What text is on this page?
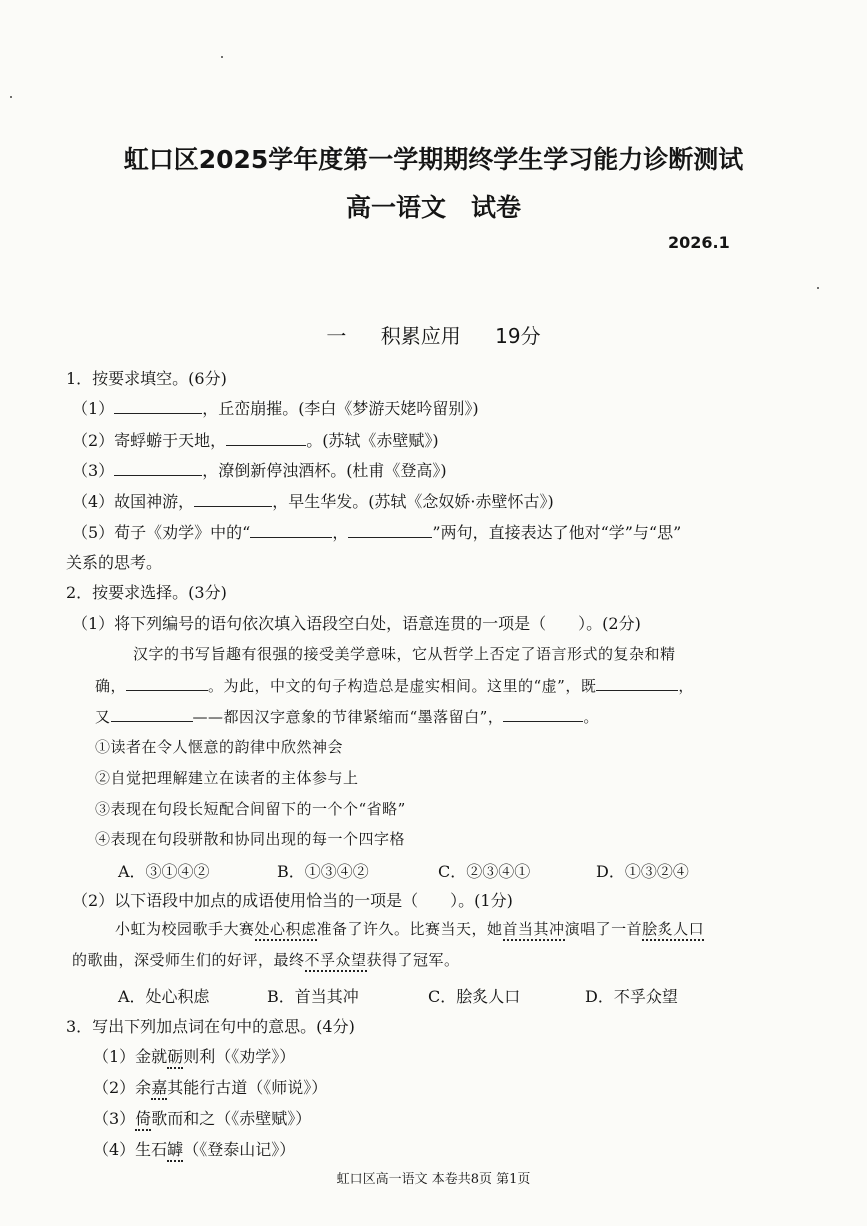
虹口区2025学年度第一学期期终学生学习能力诊断测试
高一语文　试卷
2026.1
一 积累应用 19分
1．按要求填空。(6分)
（1）	，丘峦崩摧。(李白《梦游天姥吟留别》)
（2）寄蜉蝣于天地，	。(苏轼《赤壁赋》)
（3）	，潦倒新停浊酒杯。(杜甫《登高》)
（4）故国神游，	，早生华发。(苏轼《念奴娇·赤壁怀古》)
（5）荀子《劝学》中的“	，	”两句，直接表达了他对“学”与“思”
关系的思考。
2．按要求选择。(3分)
（1）将下列编号的语句依次填入语段空白处，语意连贯的一项是（　　）。(2分)
汉字的书写旨趣有很强的接受美学意味，它从哲学上否定了语言形式的复杂和精
确，	。为此，中文的句子构造总是虚实相间。这里的“虚”，既	，
又	——都因汉字意象的节律紧缩而“墨落留白”，	。
①读者在令人惬意的韵律中欣然神会
②自觉把理解建立在读者的主体参与上
③表现在句段长短配合间留下的一个个“省略”
④表现在句段骈散和协同出现的每一个四字格
A．③①④②	B．①③④②	C．②③④①	D．①③②④
（2）以下语段中加点的成语使用恰当的一项是（　　）。(1分)
小虹为校园歌手大赛处心积虑准备了许久。比赛当天，她首当其冲演唱了一首脍炙人口
的歌曲，深受师生们的好评，最终不孚众望获得了冠军。
A．处心积虑	B．首当其冲	C．脍炙人口	D．不孚众望
3．写出下列加点词在句中的意思。(4分)
（1）金就砺则利（《劝学》）
（2）余嘉其能行古道（《师说》）
（3）倚歌而和之（《赤壁赋》）
（4）生石罅（《登泰山记》）
虹口区高一语文 本卷共8页 第1页
